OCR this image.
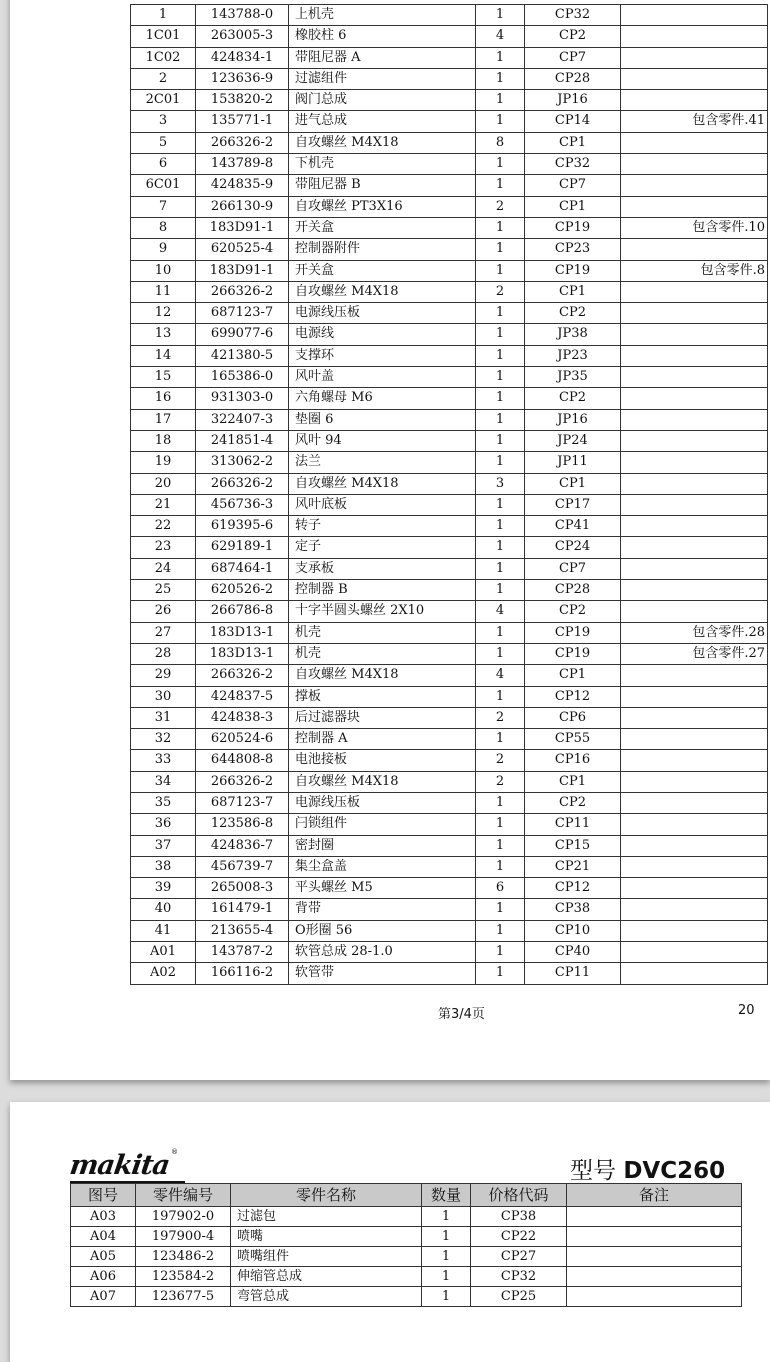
1	143788-0	上机壳	1	CP32	
1C01	263005-3	橡胶柱 6	4	CP2	
1C02	424834-1	带阻尼器 A	1	CP7	
2	123636-9	过滤组件	1	CP28	
2C01	153820-2	阀门总成	1	JP16	
3	135771-1	进气总成	1	CP14	包含零件.41
5	266326-2	自攻螺丝 M4X18	8	CP1	
6	143789-8	下机壳	1	CP32	
6C01	424835-9	带阻尼器 B	1	CP7	
7	266130-9	自攻螺丝 PT3X16	2	CP1	
8	183D91-1	开关盒	1	CP19	包含零件.10
9	620525-4	控制器附件	1	CP23	
10	183D91-1	开关盒	1	CP19	包含零件.8
11	266326-2	自攻螺丝 M4X18	2	CP1	
12	687123-7	电源线压板	1	CP2	
13	699077-6	电源线	1	JP38	
14	421380-5	支撑环	1	JP23	
15	165386-0	风叶盖	1	JP35	
16	931303-0	六角螺母 M6	1	CP2	
17	322407-3	垫圈 6	1	JP16	
18	241851-4	风叶 94	1	JP24	
19	313062-2	法兰	1	JP11	
20	266326-2	自攻螺丝 M4X18	3	CP1	
21	456736-3	风叶底板	1	CP17	
22	619395-6	转子	1	CP41	
23	629189-1	定子	1	CP24	
24	687464-1	支承板	1	CP7	
25	620526-2	控制器 B	1	CP28	
26	266786-8	十字半圆头螺丝 2X10	4	CP2	
27	183D13-1	机壳	1	CP19	包含零件.28
28	183D13-1	机壳	1	CP19	包含零件.27
29	266326-2	自攻螺丝 M4X18	4	CP1	
30	424837-5	撑板	1	CP12	
31	424838-3	后过滤器块	2	CP6	
32	620524-6	控制器 A	1	CP55	
33	644808-8	电池接板	2	CP16	
34	266326-2	自攻螺丝 M4X18	2	CP1	
35	687123-7	电源线压板	1	CP2	
36	123586-8	闩锁组件	1	CP11	
37	424836-7	密封圈	1	CP15	
38	456739-7	集尘盒盖	1	CP21	
39	265008-3	平头螺丝 M5	6	CP12	
40	161479-1	背带	1	CP38	
41	213655-4	O形圈 56	1	CP10	
A01	143787-2	软管总成 28-1.0	1	CP40	
A02	166116-2	软管带	1	CP11	
第3/4页	20
makita ®
型号 DVC260
图号	零件编号	零件名称	数量	价格代码	备注
A03	197902-0	过滤包	1	CP38	
A04	197900-4	喷嘴	1	CP22	
A05	123486-2	喷嘴组件	1	CP27	
A06	123584-2	伸缩管总成	1	CP32	
A07	123677-5	弯管总成	1	CP25	
